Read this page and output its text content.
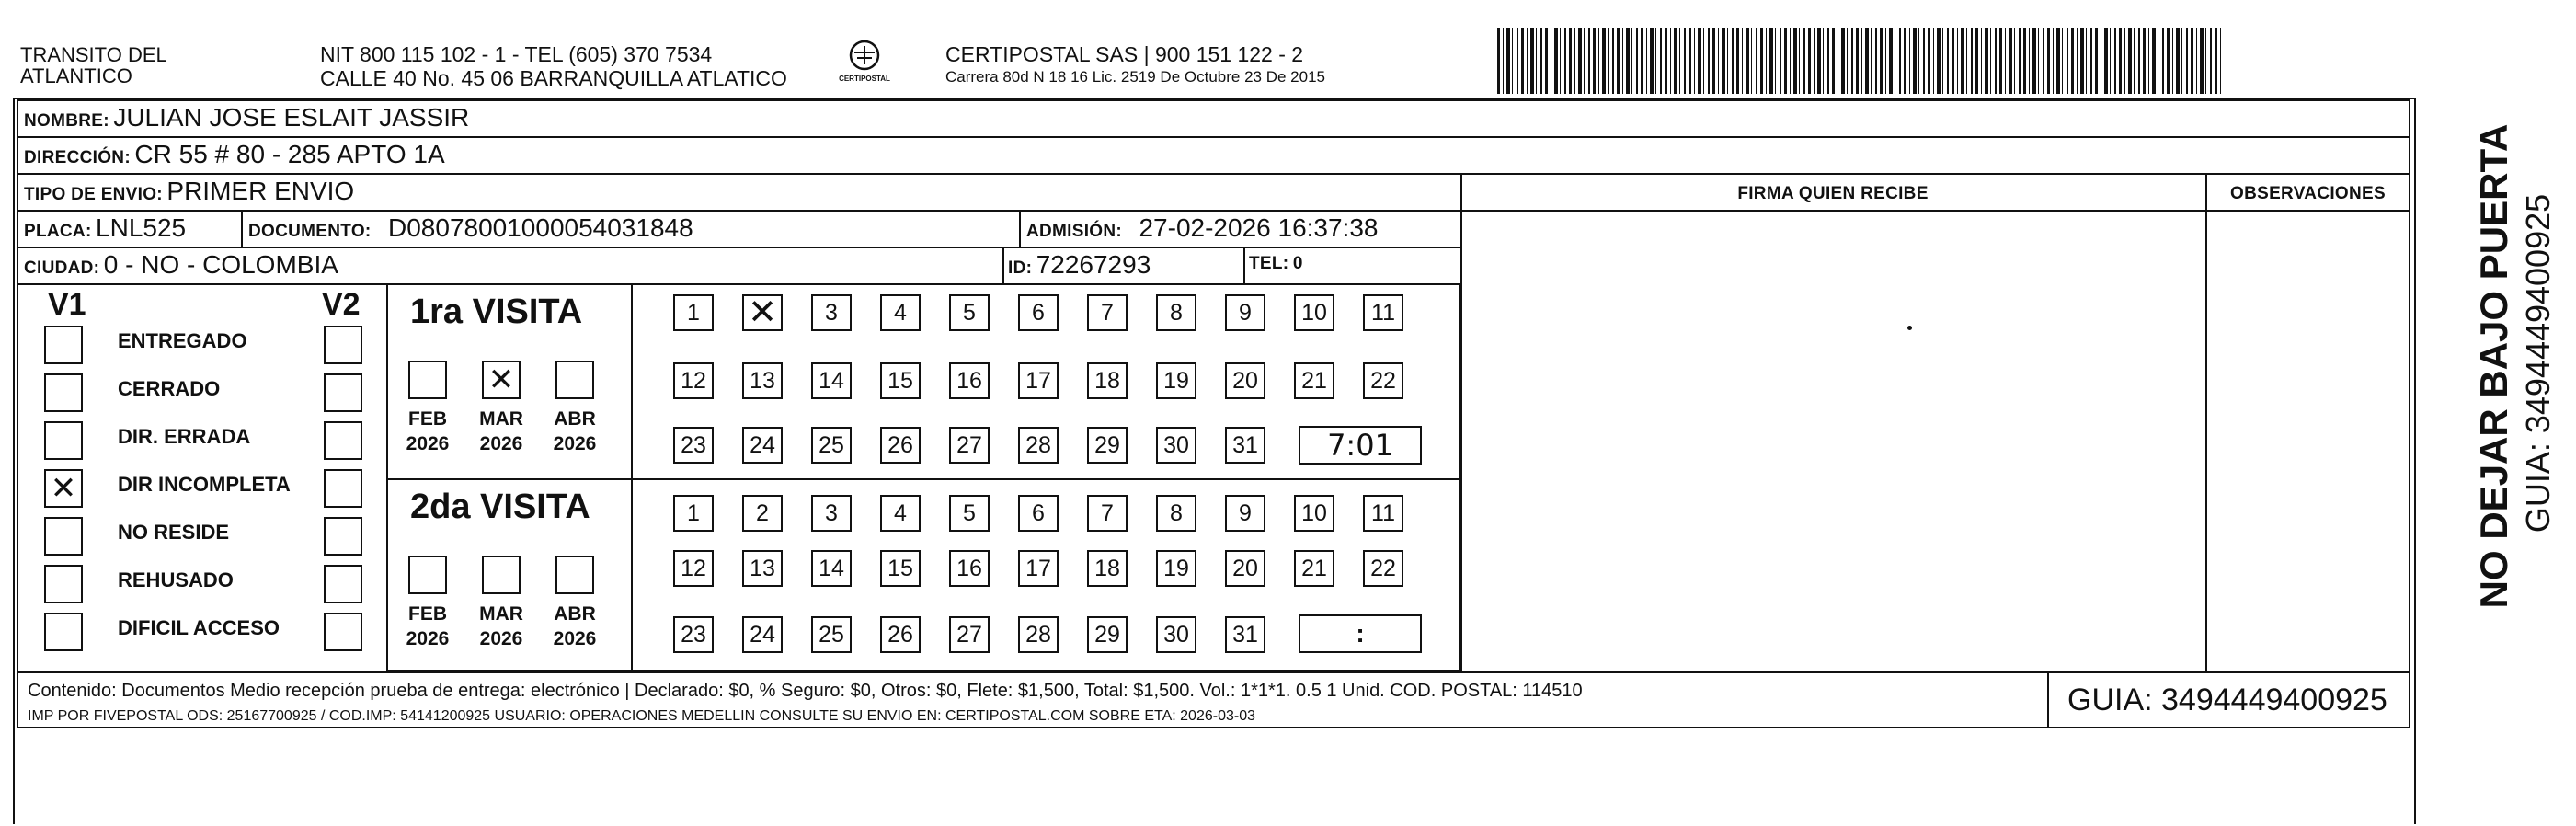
TRANSITO DEL
ATLANTICO
NIT 800 115 102 - 1 - TEL (605) 370 7534
CALLE 40 No. 45 06 BARRANQUILLA ATLATICO	CERTIPOSTAL
CERTIPOSTAL SAS | 900 151 122 - 2
Carrera 80d N 18 16 Lic. 2519 De Octubre 23 De 2015
NOMBRE: JULIAN JOSE ESLAIT JASSIR
DIRECCIÓN: CR 55 # 80 - 285 APTO 1A
TIPO DE ENVIO: PRIMER ENVIO	FIRMA QUIEN RECIBE	OBSERVACIONES
PLACA: LNL525	DOCUMENTO: D08078001000054031848	ADMISIÓN: 27-02-2026 16:37:38
CIUDAD: 0 - NO - COLOMBIA	ID: 72267293	TEL: 0
V1	V2
ENTREGADO
CERRADO
DIR. ERRADA
✕ DIR INCOMPLETA
NO RESIDE
REHUSADO
DIFICIL ACCESO
1ra VISITA
FEB
2026
✕
MAR
2026
ABR
2026
1 ✕ 3 4 5 6 7 8 9 10 11
12 13 14 15 16 17 18 19 20 21 22
23 24 25 26 27 28 29 30 31 7:01
2da VISITA
FEB
2026
MAR
2026
ABR
2026
1 2 3 4 5 6 7 8 9 10 11
12 13 14 15 16 17 18 19 20 21 22
23 24 25 26 27 28 29 30 31	:
Contenido: Documentos Medio recepción prueba de entrega: electrónico | Declarado: $0, % Seguro: $0, Otros: $0, Flete: $1,500, Total: $1,500. Vol.: 1*1*1. 0.5 1 Unid. COD. POSTAL: 114510
IMP POR FIVEPOSTAL ODS: 25167700925 / COD.IMP: 54141200925 USUARIO: OPERACIONES MEDELLIN CONSULTE SU ENVIO EN: CERTIPOSTAL.COM SOBRE ETA: 2026-03-03	GUIA: 3494449400925
NO DEJAR BAJO PUERTA GUIA: 3494449400925
